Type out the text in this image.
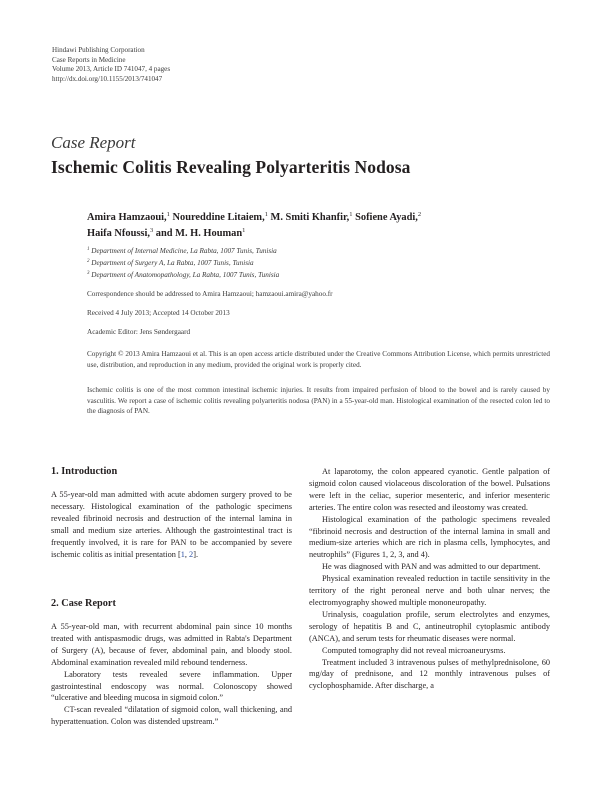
Hindawi Publishing Corporation
Case Reports in Medicine
Volume 2013, Article ID 741047, 4 pages
http://dx.doi.org/10.1155/2013/741047
Case Report
Ischemic Colitis Revealing Polyarteritis Nodosa
Amira Hamzaoui,$^1$ Noureddine Litaiem,$^1$ M. Smiti Khanfir,$^1$ Sofiene Ayadi,$^2$
Haifa Nfoussi,$^3$ and M. H. Houman$^1$
$^1$ Department of Internal Medicine, La Rabta, 1007 Tunis, Tunisia
$^2$ Department of Surgery A, La Rabta, 1007 Tunis, Tunisia
$^3$ Department of Anatomopathology, La Rabta, 1007 Tunis, Tunisia
Correspondence should be addressed to Amira Hamzaoui; hamzaoui.amira@yahoo.fr
Received 4 July 2013; Accepted 14 October 2013
Academic Editor: Jens Søndergaard
Copyright © 2013 Amira Hamzaoui et al. This is an open access article distributed under the Creative Commons Attribution License, which permits unrestricted use, distribution, and reproduction in any medium, provided the original work is properly cited.
Ischemic colitis is one of the most common intestinal ischemic injuries. It results from impaired perfusion of blood to the bowel and is rarely caused by vasculitis. We report a case of ischemic colitis revealing polyarteritis nodosa (PAN) in a 55-year-old man. Histological examination of the resected colon led to the diagnosis of PAN.
1. Introduction

A 55-year-old man admitted with acute abdomen surgery proved to be necessary. Histological examination of the pathologic specimens revealed fibrinoid necrosis and destruction of the internal lamina in small and medium size arteries. Although the gastrointestinal tract is frequently involved, it is rare for PAN to be accompanied by severe ischemic colitis as initial presentation [1, 2].

2. Case Report

A 55-year-old man, with recurrent abdominal pain since 10 months treated with antispasmodic drugs, was admitted in Rabta's Department of Surgery (A), because of fever, abdominal pain, and bloody stool. Abdominal examination revealed mild rebound tenderness.

Laboratory tests revealed severe inflammation. Upper gastrointestinal endoscopy was normal. Colonoscopy showed “ulcerative and bleeding mucosa in sigmoid colon.”

CT-scan revealed “dilatation of sigmoid colon, wall thickening, and hyperattenuation. Colon was distended upstream.”

At laparotomy, the colon appeared cyanotic. Gentle palpation of sigmoid colon caused violaceous discoloration of the bowel. Pulsations were left in the celiac, superior mesenteric, and inferior mesenteric arteries. The entire colon was resected and ileostomy was created.

Histological examination of the pathologic specimens revealed “fibrinoid necrosis and destruction of the internal lamina in small and medium-size arteries which are rich in plasma cells, lymphocytes, and neutrophils” (Figures 1, 2, 3, and 4).

He was diagnosed with PAN and was admitted to our department.

Physical examination revealed reduction in tactile sensitivity in the territory of the right peroneal nerve and both ulnar nerves; the electromyography showed multiple mononeuropathy.

Urinalysis, coagulation profile, serum electrolytes and enzymes, serology of hepatitis B and C, antineutrophil cytoplasmic antibody (ANCA), and serum tests for rheumatic diseases were normal.

Computed tomography did not reveal microaneurysms.

Treatment included 3 intravenous pulses of methylprednisolone, 60 mg/day of prednisone, and 12 monthly intravenous pulses of cyclophosphamide. After discharge, a
